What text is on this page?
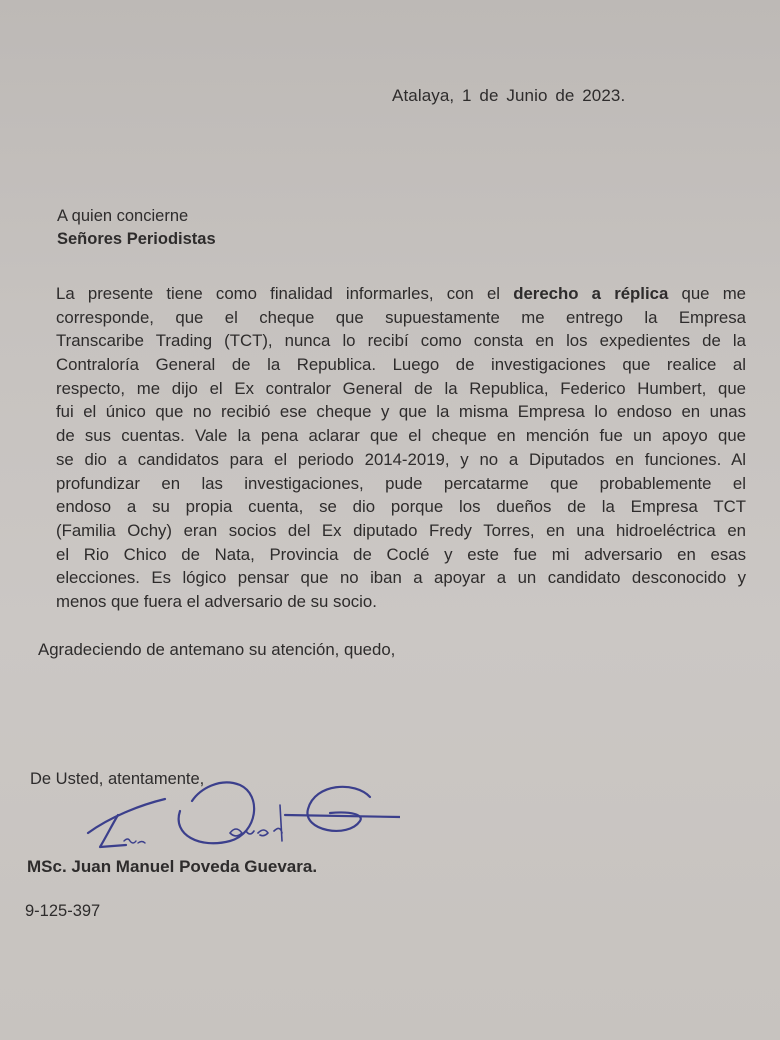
Atalaya, 1 de Junio de 2023.
A quien concierne
Señores Periodistas
La presente tiene como finalidad informarles, con el derecho a réplica que me
corresponde, que el cheque que supuestamente me entrego la Empresa
Transcaribe Trading (TCT), nunca lo recibí como consta en los expedientes de la
Contraloría General de la Republica. Luego de investigaciones que realice al
respecto, me dijo el Ex contralor General de la Republica, Federico Humbert, que
fui el único que no recibió ese cheque y que la misma Empresa lo endoso en unas
de sus cuentas. Vale la pena aclarar que el cheque en mención fue un apoyo que
se dio a candidatos para el periodo 2014-2019, y no a Diputados en funciones. Al
profundizar en las investigaciones, pude percatarme que probablemente el
endoso a su propia cuenta, se dio porque los dueños de la Empresa TCT
(Familia Ochy) eran socios del Ex diputado Fredy Torres, en una hidroeléctrica en
el Rio Chico de Nata, Provincia de Coclé y este fue mi adversario en esas
elecciones. Es lógico pensar que no iban a apoyar a un candidato desconocido y
menos que fuera el adversario de su socio.
Agradeciendo de antemano su atención, quedo,
De Usted, atentamente,
MSc. Juan Manuel Poveda Guevara.
9-125-397
